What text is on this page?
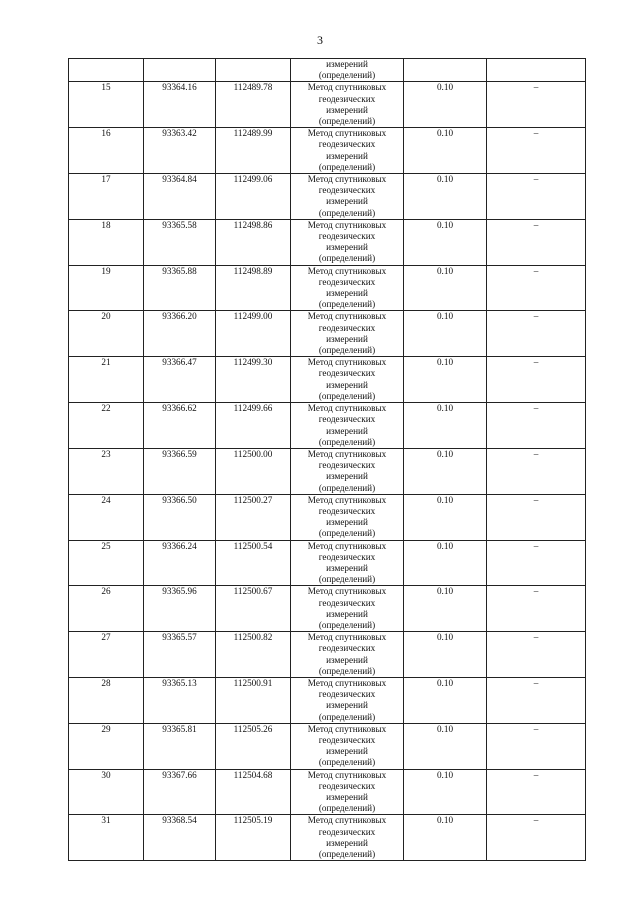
3

			измерений
(определений)		

15	93364.16	112489.78	Метод спутниковых
геодезических
измерений
(определений)	0.10	–
16	93363.42	112489.99	Метод спутниковых
геодезических
измерений
(определений)	0.10	–
17	93364.84	112499.06	Метод спутниковых
геодезических
измерений
(определений)	0.10	–
18	93365.58	112498.86	Метод спутниковых
геодезических
измерений
(определений)	0.10	–
19	93365.88	112498.89	Метод спутниковых
геодезических
измерений
(определений)	0.10	–
20	93366.20	112499.00	Метод спутниковых
геодезических
измерений
(определений)	0.10	–
21	93366.47	112499.30	Метод спутниковых
геодезических
измерений
(определений)	0.10	–
22	93366.62	112499.66	Метод спутниковых
геодезических
измерений
(определений)	0.10	–
23	93366.59	112500.00	Метод спутниковых
геодезических
измерений
(определений)	0.10	–
24	93366.50	112500.27	Метод спутниковых
геодезических
измерений
(определений)	0.10	–
25	93366.24	112500.54	Метод спутниковых
геодезических
измерений
(определений)	0.10	–
26	93365.96	112500.67	Метод спутниковых
геодезических
измерений
(определений)	0.10	–
27	93365.57	112500.82	Метод спутниковых
геодезических
измерений
(определений)	0.10	–
28	93365.13	112500.91	Метод спутниковых
геодезических
измерений
(определений)	0.10	–
29	93365.81	112505.26	Метод спутниковых
геодезических
измерений
(определений)	0.10	–
30	93367.66	112504.68	Метод спутниковых
геодезических
измерений
(определений)	0.10	–
31	93368.54	112505.19	Метод спутниковых
геодезических
измерений
(определений)	0.10	–
